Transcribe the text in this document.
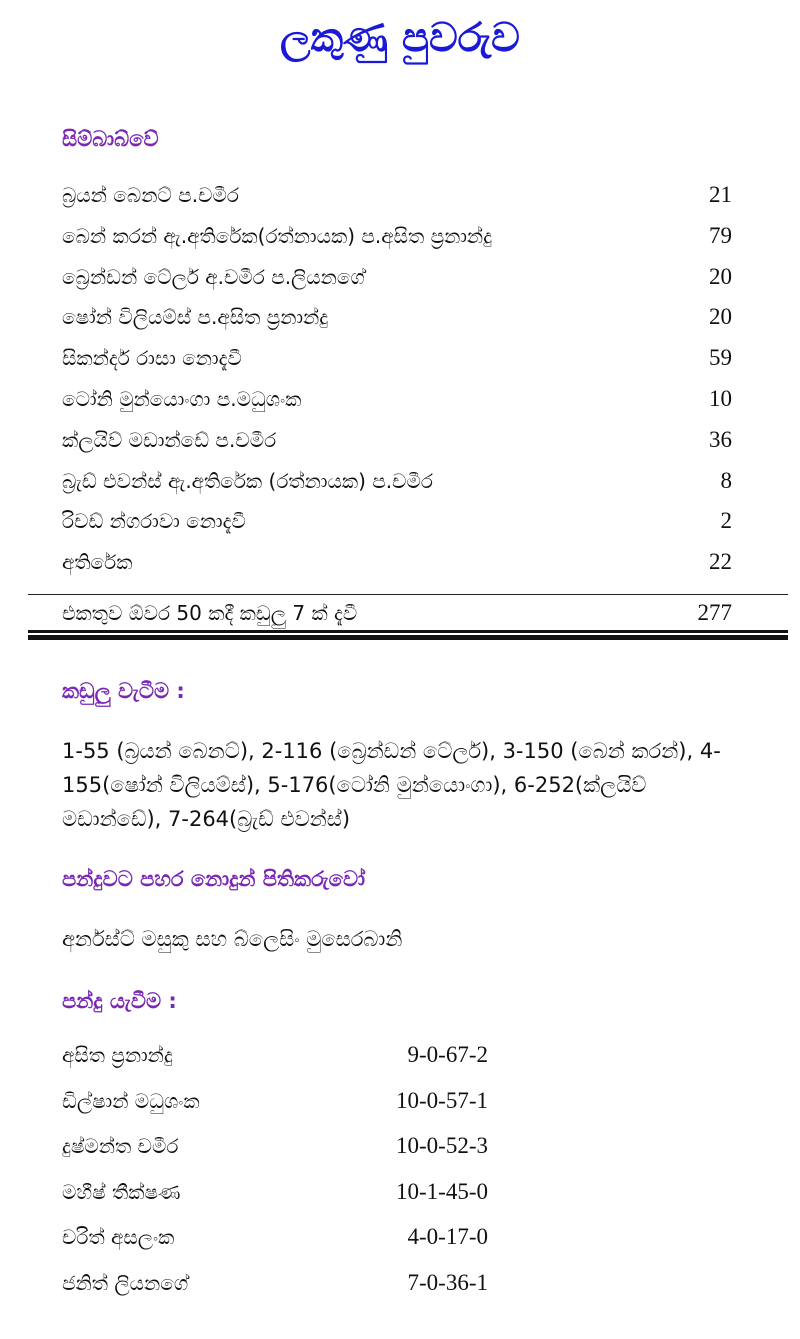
ලකුණු පුවරුව
සිම්බාබ්වේ
බ්‍රයන් බෙනට් ප.චමීර	21
බෙන් කරන් ඇ.අතිරේක(රත්නායක) ප.අසිත ප්‍රනාන්දු	79
බ්‍රෙන්ඩන් ටේලර් අ.චමීර ප.ලියනගේ	20
ෂෝන් විලියම්ස් ප.අසිත ප්‍රනාන්දු	20
සිකන්දර් රාසා නොදැවී	59
ටෝනි මුන්යොංගා ප.මධුශංක	10
ක්ලයිව් මඩාන්ඩේ ප.චමීර	36
බ්‍රැඩ් එවන්ස් ඇ.අතිරේක (රත්නායක) ප.චමීර	8
රිචඩ් න්ගරාවා නොදැවී	2
අතිරේක	22
එකතුව ඕවර 50 කදී කඩුලු 7 ක් දැවී	277
කඩුලු වැටීම :
1-55 (බ්‍රයන් බෙනට්), 2-116 (බ්‍රෙන්ඩන් ටේලර්), 3-150 (බෙන් කරන්), 4-155(ෂෝන් විලියම්ස්), 5-176(ටෝනි මුන්යොංගා), 6-252(ක්ලයිව් මඩාන්ඩේ), 7-264(බ්‍රැඩ් එවන්ස්)
පන්දුවට පහර නොදුන් පිතිකරුවෝ
අර්නස්ට් මසුකු සහ බ්ලෙසිං මුසෙරබානි
පන්දු යැවීම :
අසිත ප්‍රනාන්දු	9-0-67-2
ඩිල්ෂාන් මධුශංක	10-0-57-1
දුෂ්මන්ත චමීර	10-0-52-3
මහීෂ් තීක්ෂණ	10-1-45-0
චරිත් අසලංක	4-0-17-0
ජනිත් ලියනගේ	7-0-36-1
